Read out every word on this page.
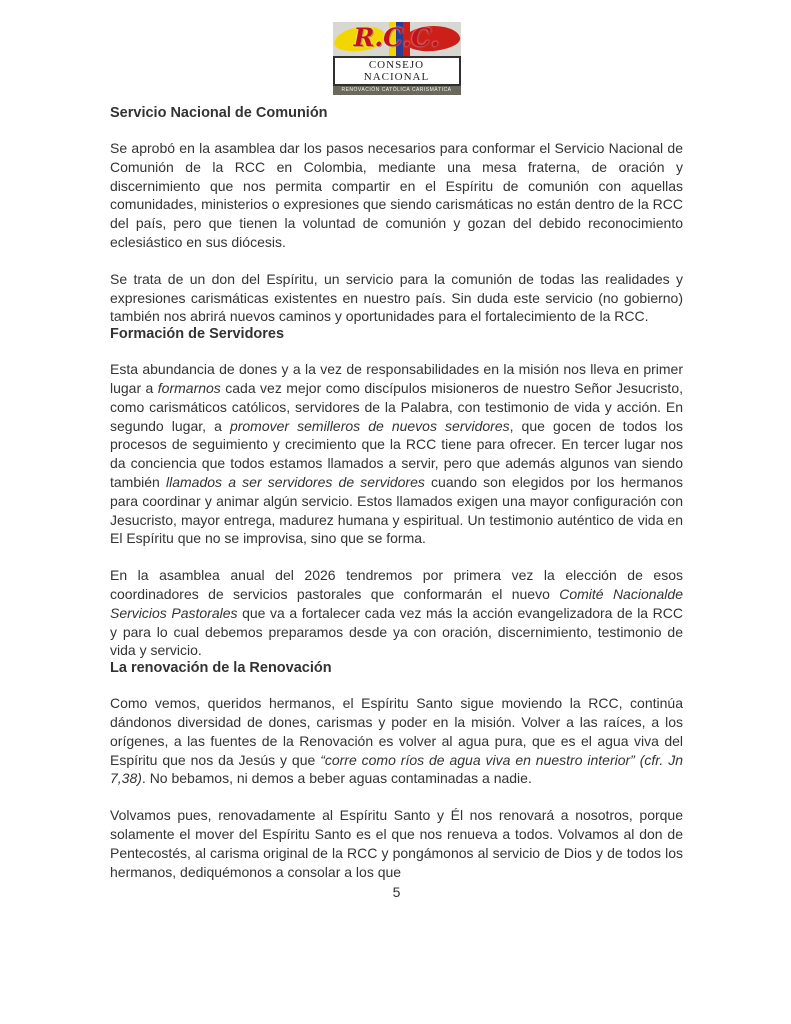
R.C.C.
CONSEJO NACIONAL
RENOVACIÓN CATÓLICA CARISMÁTICA
Servicio Nacional de Comunión

Se aprobó en la asamblea dar los pasos necesarios para conformar el Servicio Nacional de Comunión de la RCC en Colombia, mediante una mesa fraterna, de oración y discernimiento que nos permita compartir en el Espíritu de comunión con aquellas comunidades, ministerios o expresiones que siendo carismáticas no están dentro de la RCC del país, pero que tienen la voluntad de comunión y gozan del debido reconocimiento eclesiástico en sus diócesis.

Se trata de un don del Espíritu, un servicio para la comunión de todas las realidades y expresiones carismáticas existentes en nuestro país. Sin duda este servicio (no gobierno) también nos abrirá nuevos caminos y oportunidades para el fortalecimiento de la RCC.

Formación de Servidores

Esta abundancia de dones y a la vez de responsabilidades en la misión nos lleva en primer lugar a formarnos cada vez mejor como discípulos misioneros de nuestro Señor Jesucristo, como carismáticos católicos, servidores de la Palabra, con testimonio de vida y acción. En segundo lugar, a promover semilleros de nuevos servidores, que gocen de todos los procesos de seguimiento y crecimiento que la RCC tiene para ofrecer. En tercer lugar nos da conciencia que todos estamos llamados a servir, pero que además algunos van siendo también llamados a ser servidores de servidores cuando son elegidos por los hermanos para coordinar y animar algún servicio. Estos llamados exigen una mayor configuración con Jesucristo, mayor entrega, madurez humana y espiritual. Un testimonio auténtico de vida en El Espíritu que no se improvisa, sino que se forma.

En la asamblea anual del 2026 tendremos por primera vez la elección de esos coordinadores de servicios pastorales que conformarán el nuevo Comité Nacionalde Servicios Pastorales que va a fortalecer cada vez más la acción evangelizadora de la RCC y para lo cual debemos preparamos desde ya con oración, discernimiento, testimonio de vida y servicio.

La renovación de la Renovación

Como vemos, queridos hermanos, el Espíritu Santo sigue moviendo la RCC, continúa dándonos diversidad de dones, carismas y poder en la misión. Volver a las raíces, a los orígenes, a las fuentes de la Renovación es volver al agua pura, que es el agua viva del Espíritu que nos da Jesús y que “corre como ríos de agua viva en nuestro interior” (cfr. Jn 7,38). No bebamos, ni demos a beber aguas contaminadas a nadie.

Volvamos pues, renovadamente al Espíritu Santo y Él nos renovará a nosotros, porque solamente el mover del Espíritu Santo es el que nos renueva a todos. Volvamos al don de Pentecostés, al carisma original de la RCC y pongámonos al servicio de Dios y de todos los hermanos, dediquémonos a consolar a los que

5
